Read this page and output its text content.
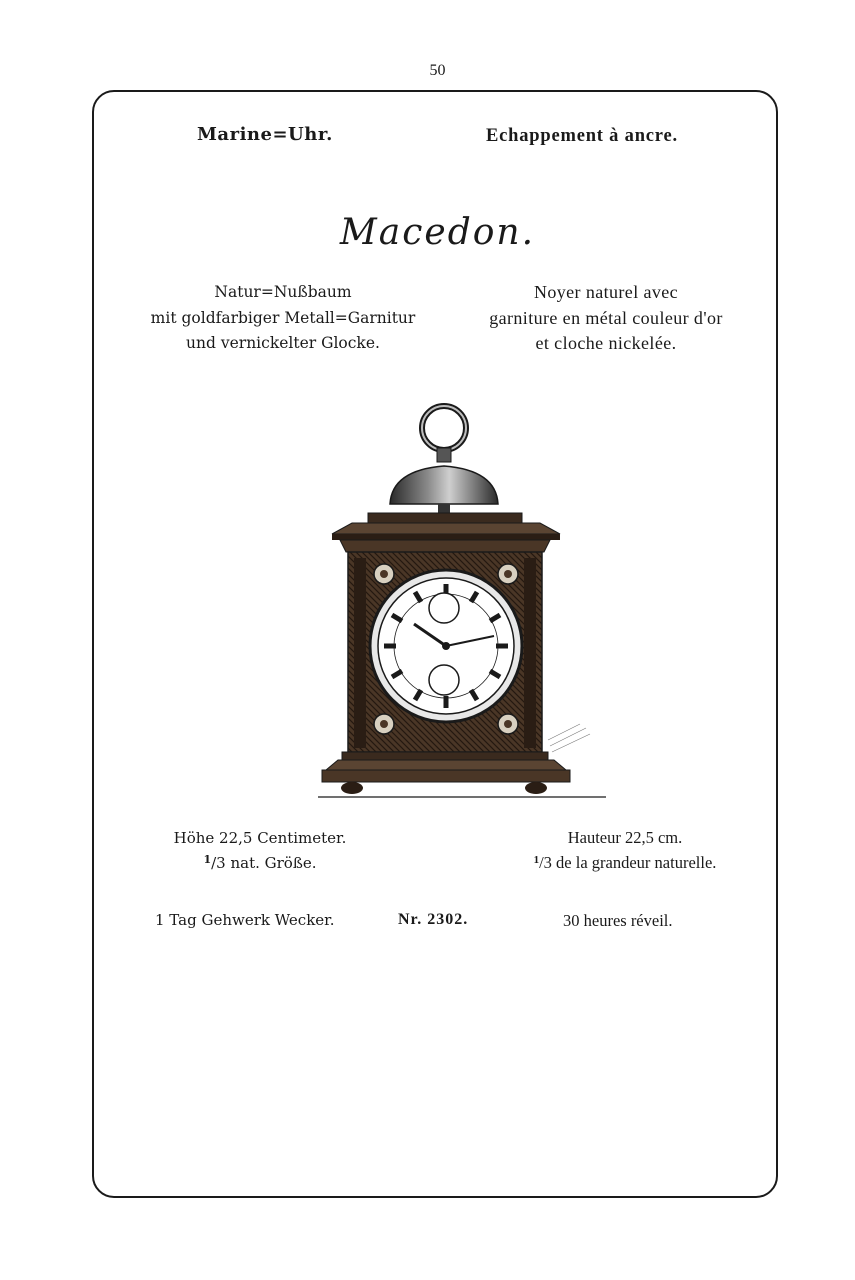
50
Marine=Uhr.	Echappement à ancre.
Macedon.
Natur=Nußbaum
mit goldfarbiger Metall=Garnitur
und vernickelter Glocke.
Noyer naturel avec
garniture en métal couleur d'or
et cloche nickelée.
Höhe 22,5 Centimeter.
$^1$/3 nat. Größe.
Hauteur 22,5 cm.
$^1$/3 de la grandeur naturelle.
1 Tag Gehwerk Wecker.	Nr. 2302.	30 heures réveil.
